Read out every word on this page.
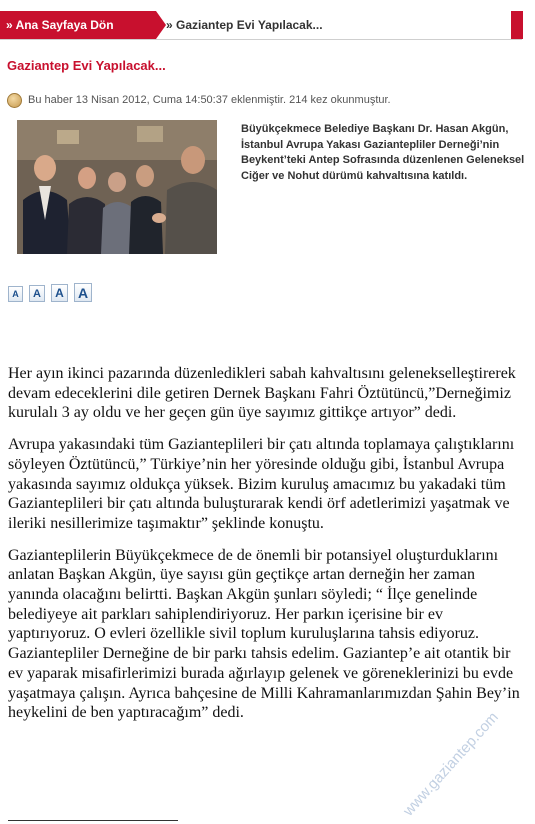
» Ana Sayfaya Dön	» Gaziantep Evi Yapılacak...
Gaziantep Evi Yapılacak...
Bu haber 13 Nisan 2012, Cuma 14:50:37 eklenmiştir. 214 kez okunmuştur.
Büyükçekmece Belediye Başkanı Dr. Hasan Akgün, İstanbul Avrupa Yakası Gaziantepliler Derneği’nin Beykent’teki Antep Sofrasında düzenlenen Geleneksel Ciğer ve Nohut dürümü kahvaltısına katıldı.
A	A	A A

Her ayın ikinci pazarında düzenledikleri sabah kahvaltısını gelenekselleştirerek devam edeceklerini dile getiren Dernek Başkanı Fahri Öztütüncü,”Derneğimiz kurulalı 3 ay oldu ve her geçen gün üye sayımız gittikçe artıyor” dedi.

Avrupa yakasındaki tüm Gazianteplileri bir çatı altında toplamaya çalıştıklarını söyleyen Öztütüncü,” Türkiye’nin her yöresinde olduğu gibi, İstanbul Avrupa yakasında sayımız oldukça yüksek. Bizim kuruluş amacımız bu yakadaki tüm Gazianteplileri bir çatı altında buluşturarak kendi örf adetlerimizi yaşatmak ve ileriki nesillerimize taşımaktır” şeklinde konuştu.

Gazianteplilerin Büyükçekmece de de önemli bir potansiyel oluşturduklarını anlatan Başkan Akgün, üye sayısı gün geçtikçe artan derneğin her zaman yanında olacağını belirtti. Başkan Akgün şunları söyledi; “ İlçe genelinde belediyeye ait parkları sahiplendiriyoruz. Her parkın içerisine bir ev yaptırıyoruz. O evleri özellikle sivil toplum kuruluşlarına tahsis ediyoruz. Gaziantepliler Derneğine de bir parkı tahsis edelim. Gaziantep’e ait otantik bir ev yaparak misafirlerimizi burada ağırlayıp gelenek ve göreneklerinizi bu evde yaşatmaya çalışın. Ayrıca bahçesine de Milli Kahramanlarımızdan Şahin Bey’in heykelini de ben yaptıracağım” dedi.	www.gaziantep.com
